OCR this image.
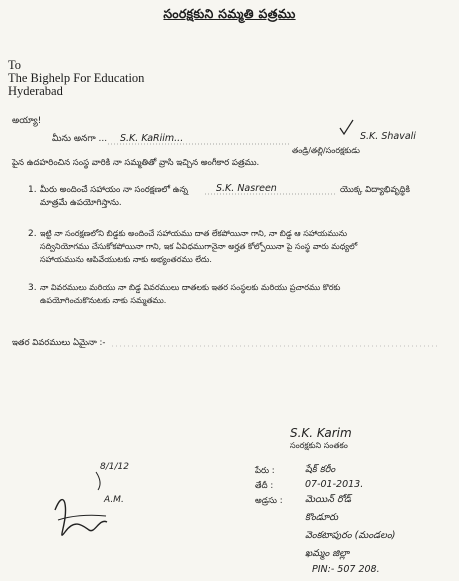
సంరక్షకుని సమ్మతి పత్రము
To
The Bighelp For Education
Hyderabad
అయ్యా!
మీను అనగా ... S.K. KaRiim...
తండ్రి/తల్లి/సంరక్షకుడు
S.K. Shavali
పైన ఉదహరించిన సంస్థ వారికి నా సమ్మతితో వ్రాసి ఇచ్చిన అంగీకార పత్రము.
1. మీరు అందించే సహాయం నా సంరక్షణలో ఉన్న	S.K. Nasreen	యొక్క విద్యాభివృద్ధికి
మాత్రమే ఉపయోగిస్తాను.
2. ఇట్టి నా సంరక్షణలోని బిడ్డకు అందించే సహాయము దాత లేకపోయినా గాని, నా బిడ్డ ఆ సహాయమును
సద్వినియోగము చేసుకోకపోయినా గాని, ఇక ఏవిధముగానైనా అర్హత కోల్పోయినా పై సంస్థ వారు మధ్యలో
సహాయమును ఆపివేయుటకు నాకు అభ్యంతరము లేదు.
3. నా వివరములు మరియు నా బిడ్డ వివరములు దాతలకు ఇతర సంస్థలకు మరియు ప్రచారము కొరకు
ఉపయోగించుకొనుటకు నాకు సమ్మతము.
ఇతర వివరములు ఏమైనా :-
S.K. Karim
సంరక్షకుని సంతకం
పేరు :	షేక్ కరీం
తేదీ :	07-01-2013.
అడ్రసు : మెయిన్ రోడ్
కొండూరు
వెంకటాపురం (మండలం)
ఖమ్మం జిల్లా
PIN:- 507 208.
8/1/12
A.M.
